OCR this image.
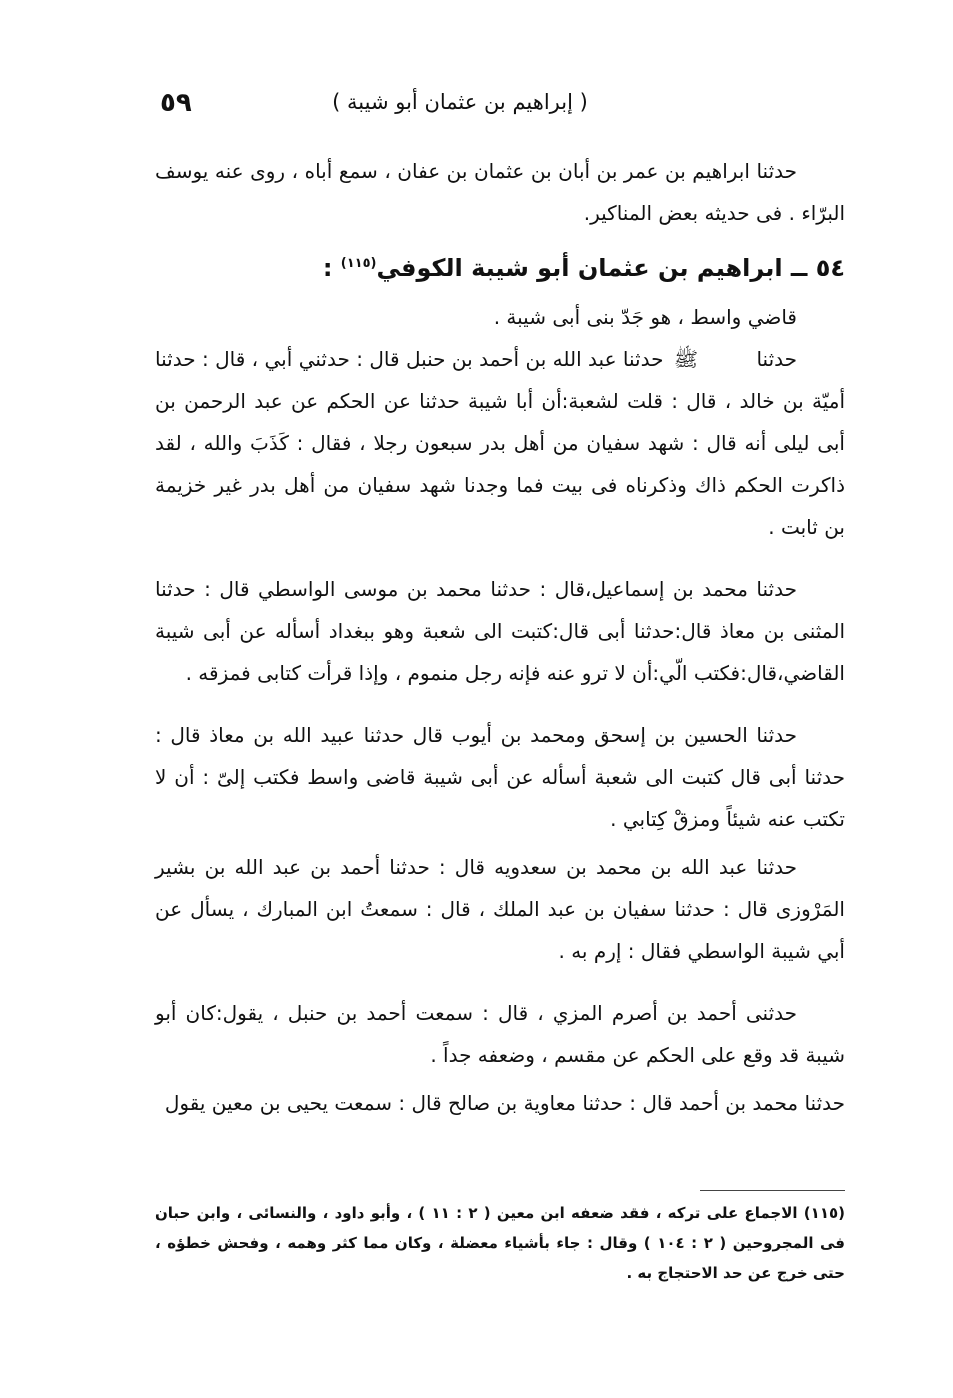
٥٩	( إبراهيم بن عثمان أبو شيبة )

حدثنا ابراهيم بن عمر بن أبان بن عثمان بن عفان ، سمع أباه ، روى عنه يوسف البرّاء . فى حديثه بعض المناكير.

٥٤ ــ ابراهيم بن عثمان أبو شيبة الكوفي$^{(١١٥)}$ :

قاضي واسط ، هو جَدّ بنى أبى شيبة .

حدثنا ﷺ حدثنا عبد الله بن أحمد بن حنبل قال : حدثني أبي ، قال : حدثنا أميّة بن خالد ، قال : قلت لشعبة:أن أبا شيبة حدثنا عن الحكم عن عبد الرحمن بن أبى ليلى أنه قال : شهد سفيان من أهل بدر سبعون رجلا ، فقال : كَذَبَ والله ، لقد ذاكرت الحكم ذاك وذكرناه فى بيت فما وجدنا شهد سفيان من أهل بدر غير خزيمة بن ثابت .

حدثنا محمد بن إسماعيل،قال : حدثنا محمد بن موسى الواسطي قال : حدثنا المثنى بن معاذ قال:حدثنا أبى قال:كتبت الى شعبة وهو ببغداد أسأله عن أبى شيبة القاضي،قال:فكتب الّي:أن لا ترو عنه فإنه رجل منموم ، وإذا قرأت كتابى فمزقه .

حدثنا الحسين بن إسحق ومحمد بن أيوب قال حدثنا عبيد الله بن معاذ قال : حدثنا أبى قال كتبت الى شعبة أسأله عن أبى شيبة قاضى واسط فكتب إلىّ : أن لا تكتب عنه شيئاً ومزقْ كِتابي .

حدثنا عبد الله بن محمد بن سعدويه قال : حدثنا أحمد بن عبد الله بن بشير المَرْوزى قال : حدثنا سفيان بن عبد الملك ، قال : سمعتُ ابن المبارك ، يسأل عن أبي شيبة الواسطي فقال : إرم به .

حدثنى أحمد بن أصرم المزي ، قال : سمعت أحمد بن حنبل ، يقول:كان أبو شيبة قد وقع على الحكم عن مقسم ، وضعفه جداً .

حدثنا محمد بن أحمد قال : حدثنا معاوية بن صالح قال : سمعت يحيى بن معين يقول

(١١٥) الاجماع على تركه ، فقد ضعفه ابن معين ( ٢ : ١١ ) ، وأبو داود ، والنسائى ، وابن حبان فى المجروحين ( ٢ : ١٠٤ ) وقال : جاء بأشياء معضلة ، وكان مما كثر وهمه ، وفحش خطؤه ، حتى خرج عن حد الاحتجاج به .
